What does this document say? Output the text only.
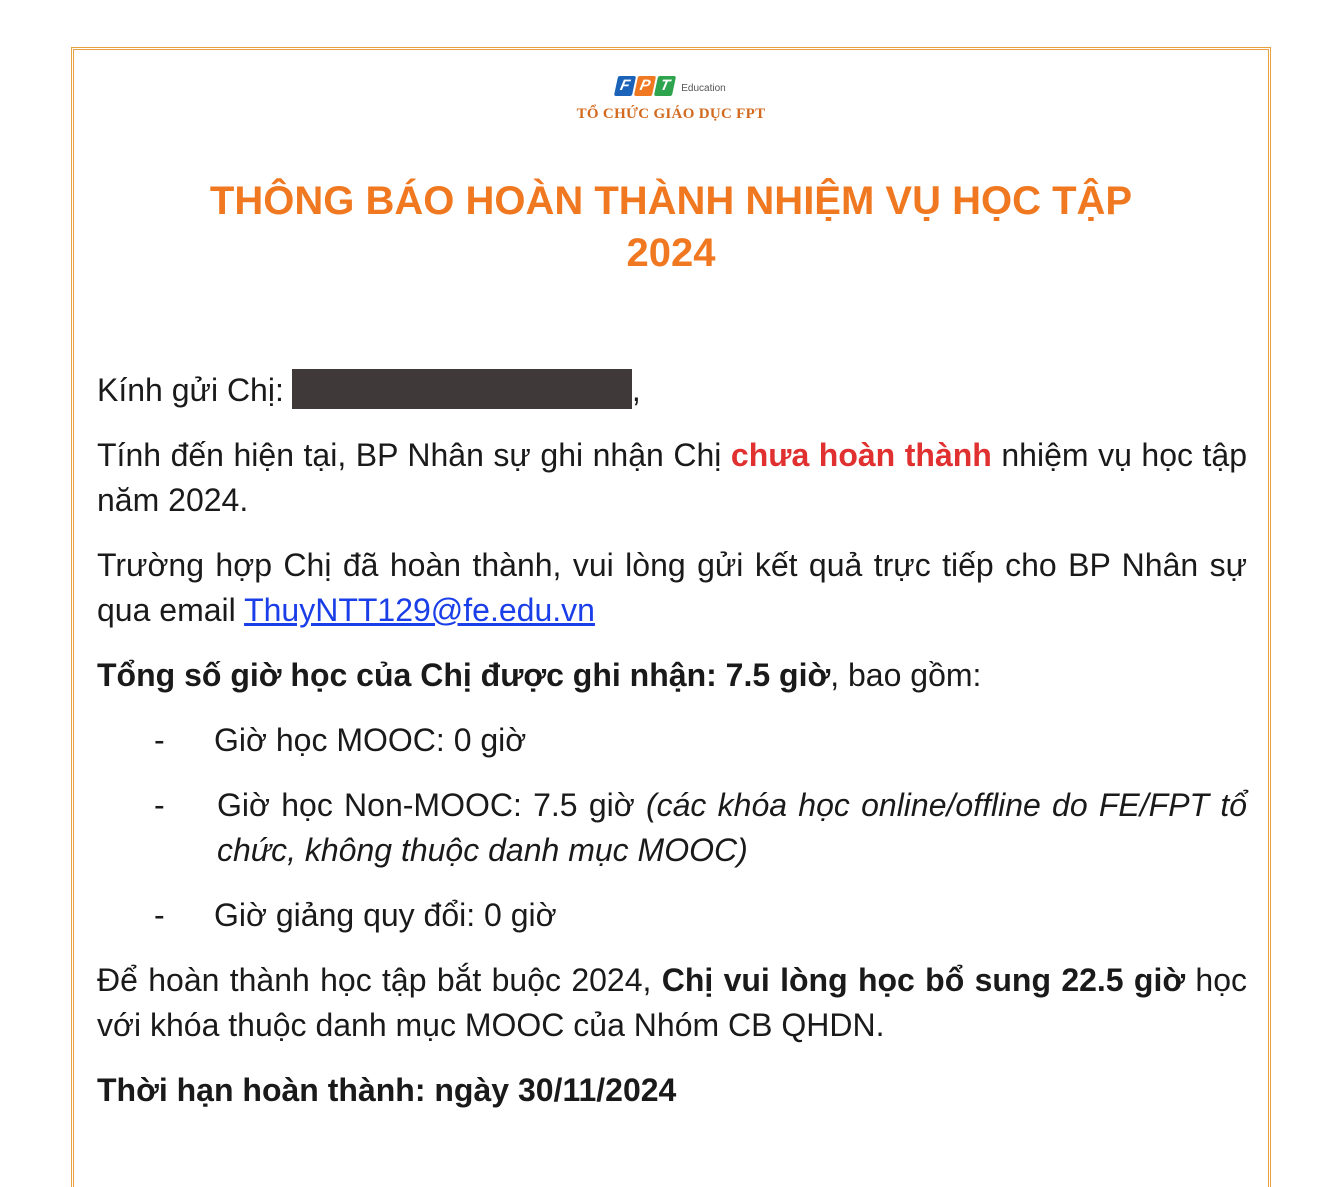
F P T Education
TỔ CHỨC GIÁO DỤC FPT
THÔNG BÁO HOÀN THÀNH NHIỆM VỤ HỌC TẬP
2024

Kính gửi Chị:	,

Tính đến hiện tại, BP Nhân sự ghi nhận Chị chưa hoàn thành nhiệm vụ học tập năm 2024.

Trường hợp Chị đã hoàn thành, vui lòng gửi kết quả trực tiếp cho BP Nhân sự qua email ThuyNTT129@fe.edu.vn

Tổng số giờ học của Chị được ghi nhận: 7.5 giờ, bao gồm:

- Giờ học MOOC: 0 giờ

- Giờ học Non-MOOC: 7.5 giờ (các khóa học online/offline do FE/FPT tổ chức, không thuộc danh mục MOOC)

- Giờ giảng quy đổi: 0 giờ

Để hoàn thành học tập bắt buộc 2024, Chị vui lòng học bổ sung 22.5 giờ học với khóa thuộc danh mục MOOC của Nhóm CB QHDN.

Thời hạn hoàn thành: ngày 30/11/2024
